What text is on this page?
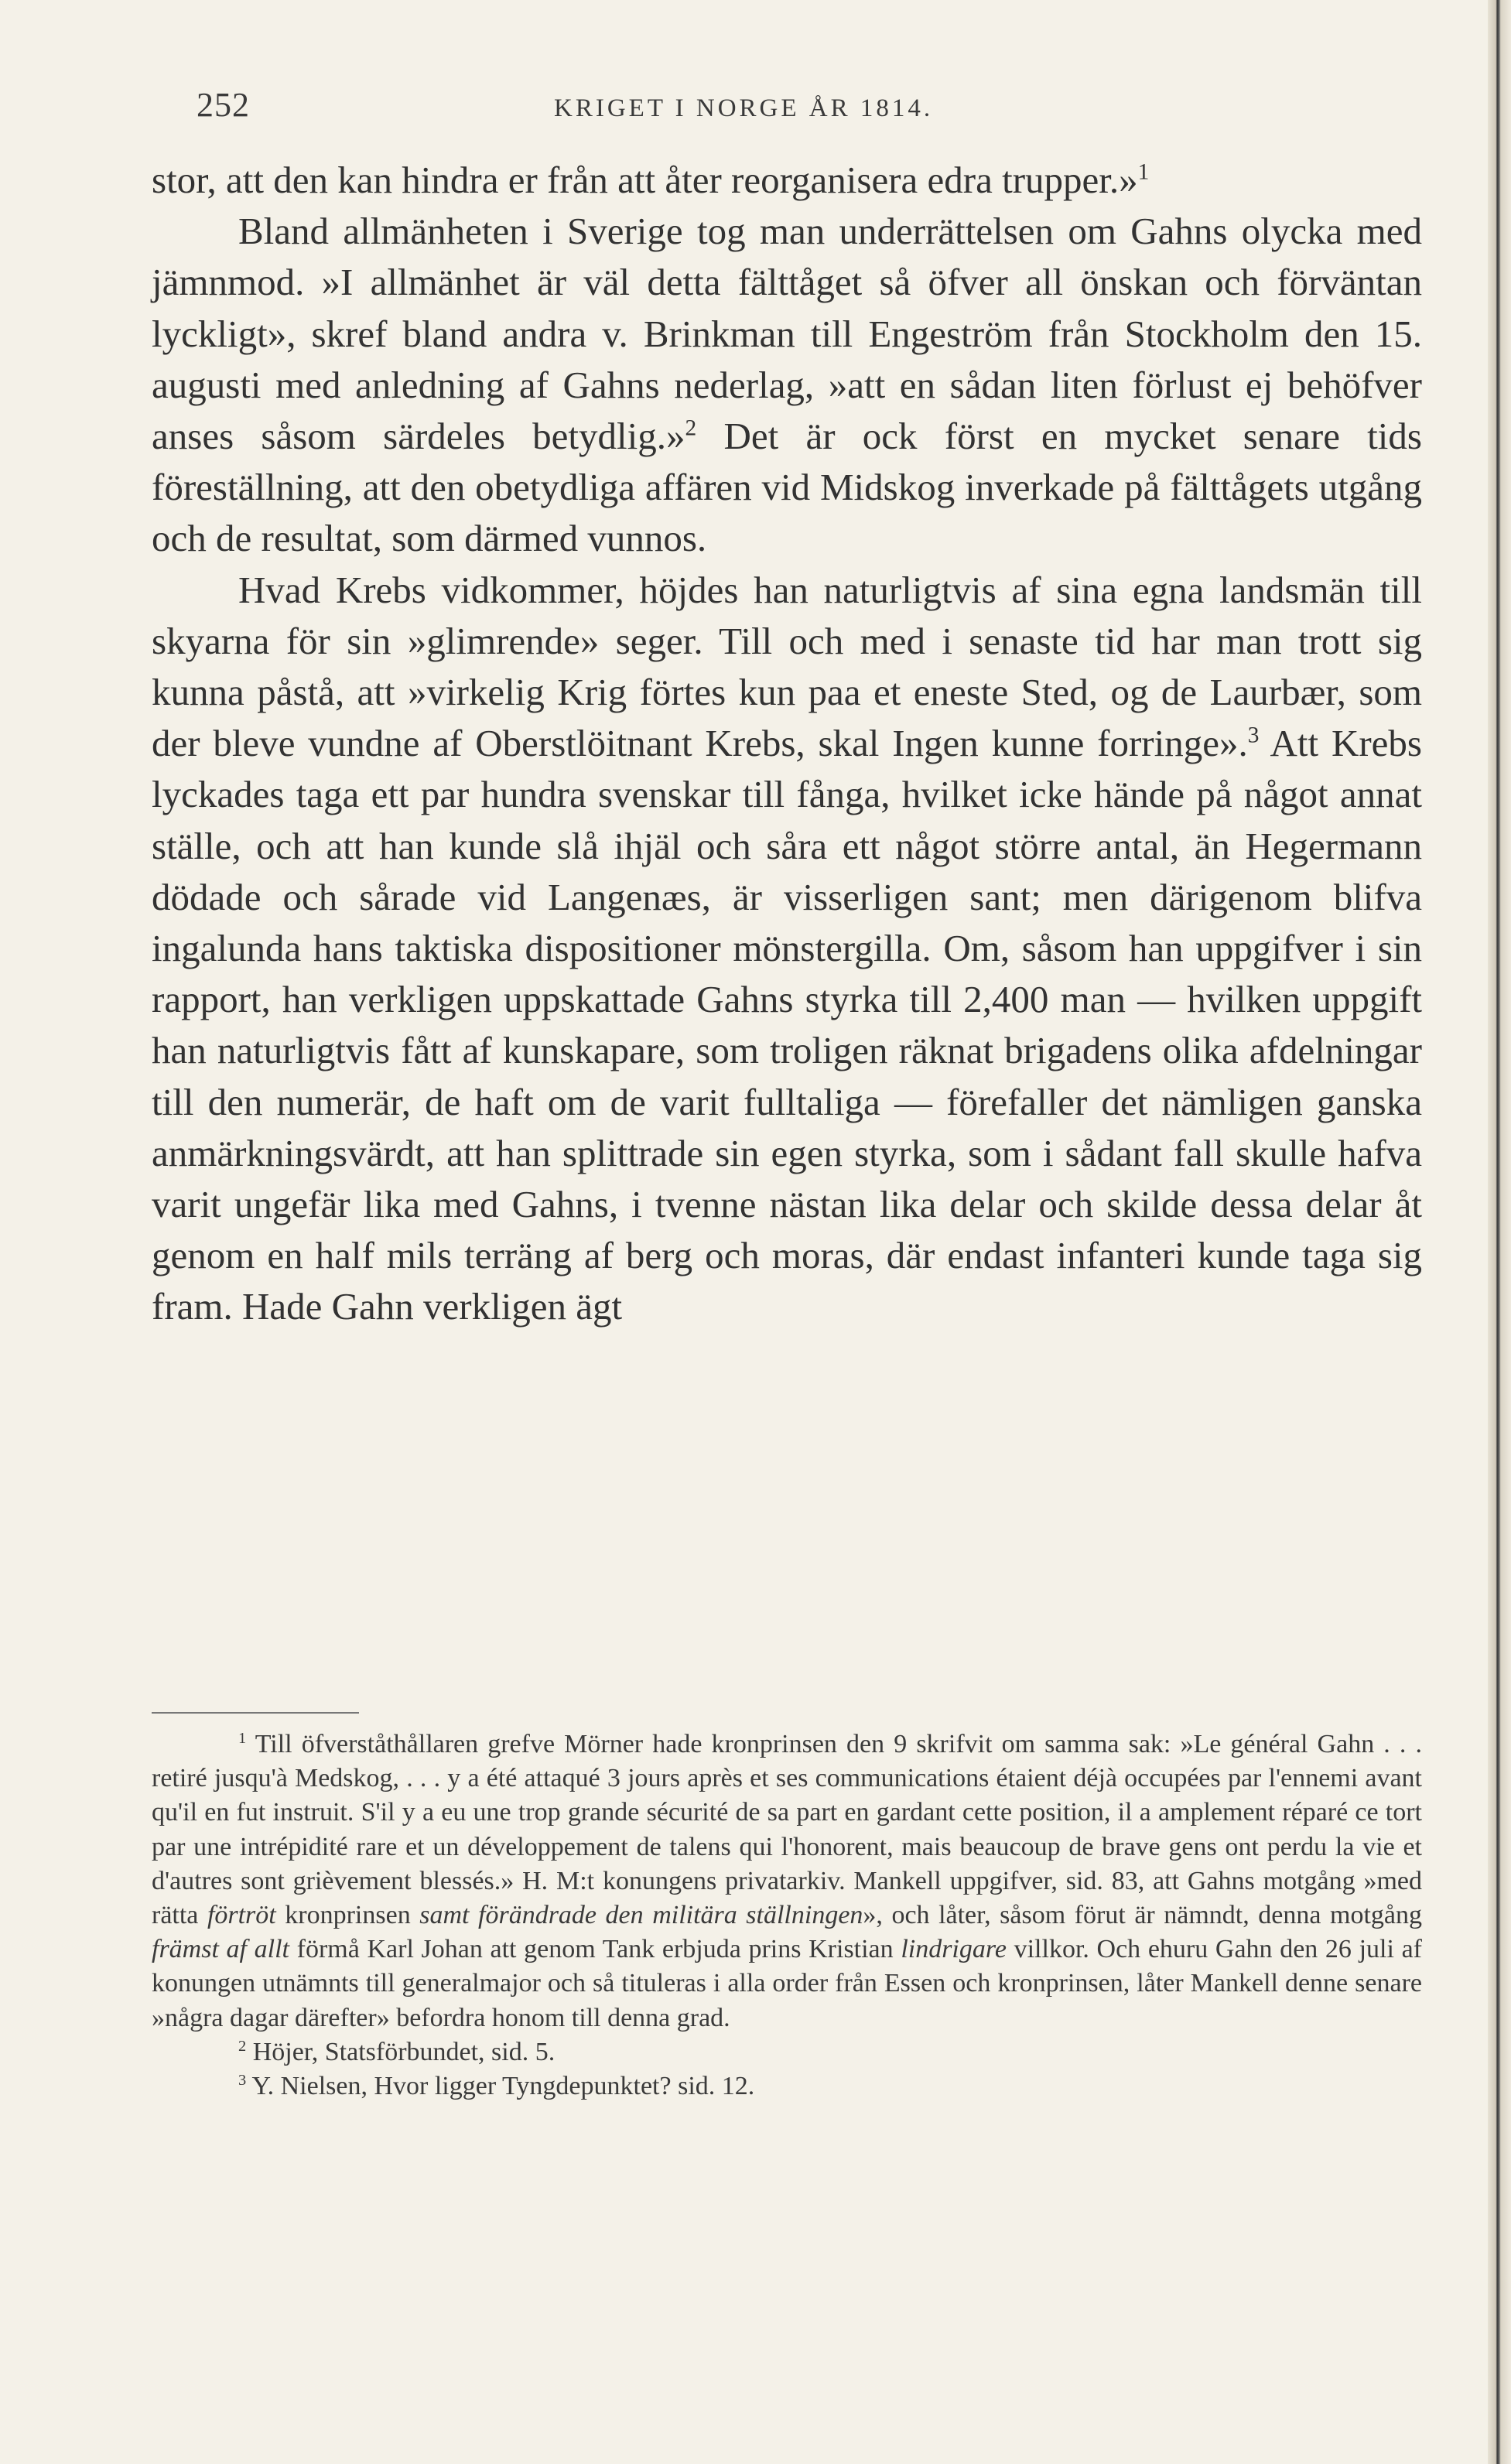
252	KRIGET I NORGE ÅR 1814.

stor, att den kan hindra er från att åter reorganisera edra trupper.»$^1$

Bland allmänheten i Sverige tog man underrättelsen om Gahns olycka med jämnmod. »I allmänhet är väl detta fälttåget så öfver all önskan och förväntan lyckligt», skref bland andra v. Brinkman till Engeström från Stockholm den 15. augusti med anledning af Gahns nederlag, »att en sådan liten förlust ej behöfver anses såsom särdeles betydlig.»$^2$ Det är ock först en mycket senare tids föreställning, att den obetydliga affären vid Midskog inverkade på fälttågets utgång och de resultat, som därmed vunnos.

Hvad Krebs vidkommer, höjdes han naturligtvis af sina egna landsmän till skyarna för sin »glimrende» seger. Till och med i senaste tid har man trott sig kunna påstå, att »virkelig Krig förtes kun paa et eneste Sted, og de Laurbær, som der bleve vundne af Oberstlöitnant Krebs, skal Ingen kunne forringe».$^3$ Att Krebs lyckades taga ett par hundra svenskar till fånga, hvilket icke hände på något annat ställe, och att han kunde slå ihjäl och såra ett något större antal, än Hegermann dödade och sårade vid Langenæs, är visserligen sant; men därigenom blifva ingalunda hans taktiska dispositioner mönstergilla. Om, såsom han uppgifver i sin rapport, han verkligen uppskattade Gahns styrka till 2,400 man — hvilken uppgift han naturligtvis fått af kunskapare, som troligen räknat brigadens olika afdelningar till den numerär, de haft om de varit fulltaliga — förefaller det nämligen ganska anmärkningsvärdt, att han splittrade sin egen styrka, som i sådant fall skulle hafva varit ungefär lika med Gahns, i tvenne nästan lika delar och skilde dessa delar åt genom en half mils terräng af berg och moras, där endast infanteri kunde taga sig fram. Hade Gahn verkligen ägt

$^1$ Till öfverståthållaren grefve Mörner hade kronprinsen den 9 skrifvit om samma sak: »Le général Gahn . . . retiré jusqu'à Medskog, . . . y a été attaqué 3 jours après et ses communications étaient déjà occupées par l'ennemi avant qu'il en fut instruit. S'il y a eu une trop grande sécurité de sa part en gardant cette position, il a amplement réparé ce tort par une intrépidité rare et un développement de talens qui l'honorent, mais beaucoup de brave gens ont perdu la vie et d'autres sont grièvement blessés.» H. M:t konungens privatarkiv. Mankell uppgifver, sid. 83, att Gahns motgång »med rätta förtröt kronprinsen samt förändrade den militära ställningen», och låter, såsom förut är nämndt, denna motgång främst af allt förmå Karl Johan att genom Tank erbjuda prins Kristian lindrigare villkor. Och ehuru Gahn den 26 juli af konungen utnämnts till generalmajor och så tituleras i alla order från Essen och kronprinsen, låter Mankell denne senare »några dagar därefter» befordra honom till denna grad.

$^2$ Höjer, Statsförbundet, sid. 5.

$^3$ Y. Nielsen, Hvor ligger Tyngdepunktet? sid. 12.
